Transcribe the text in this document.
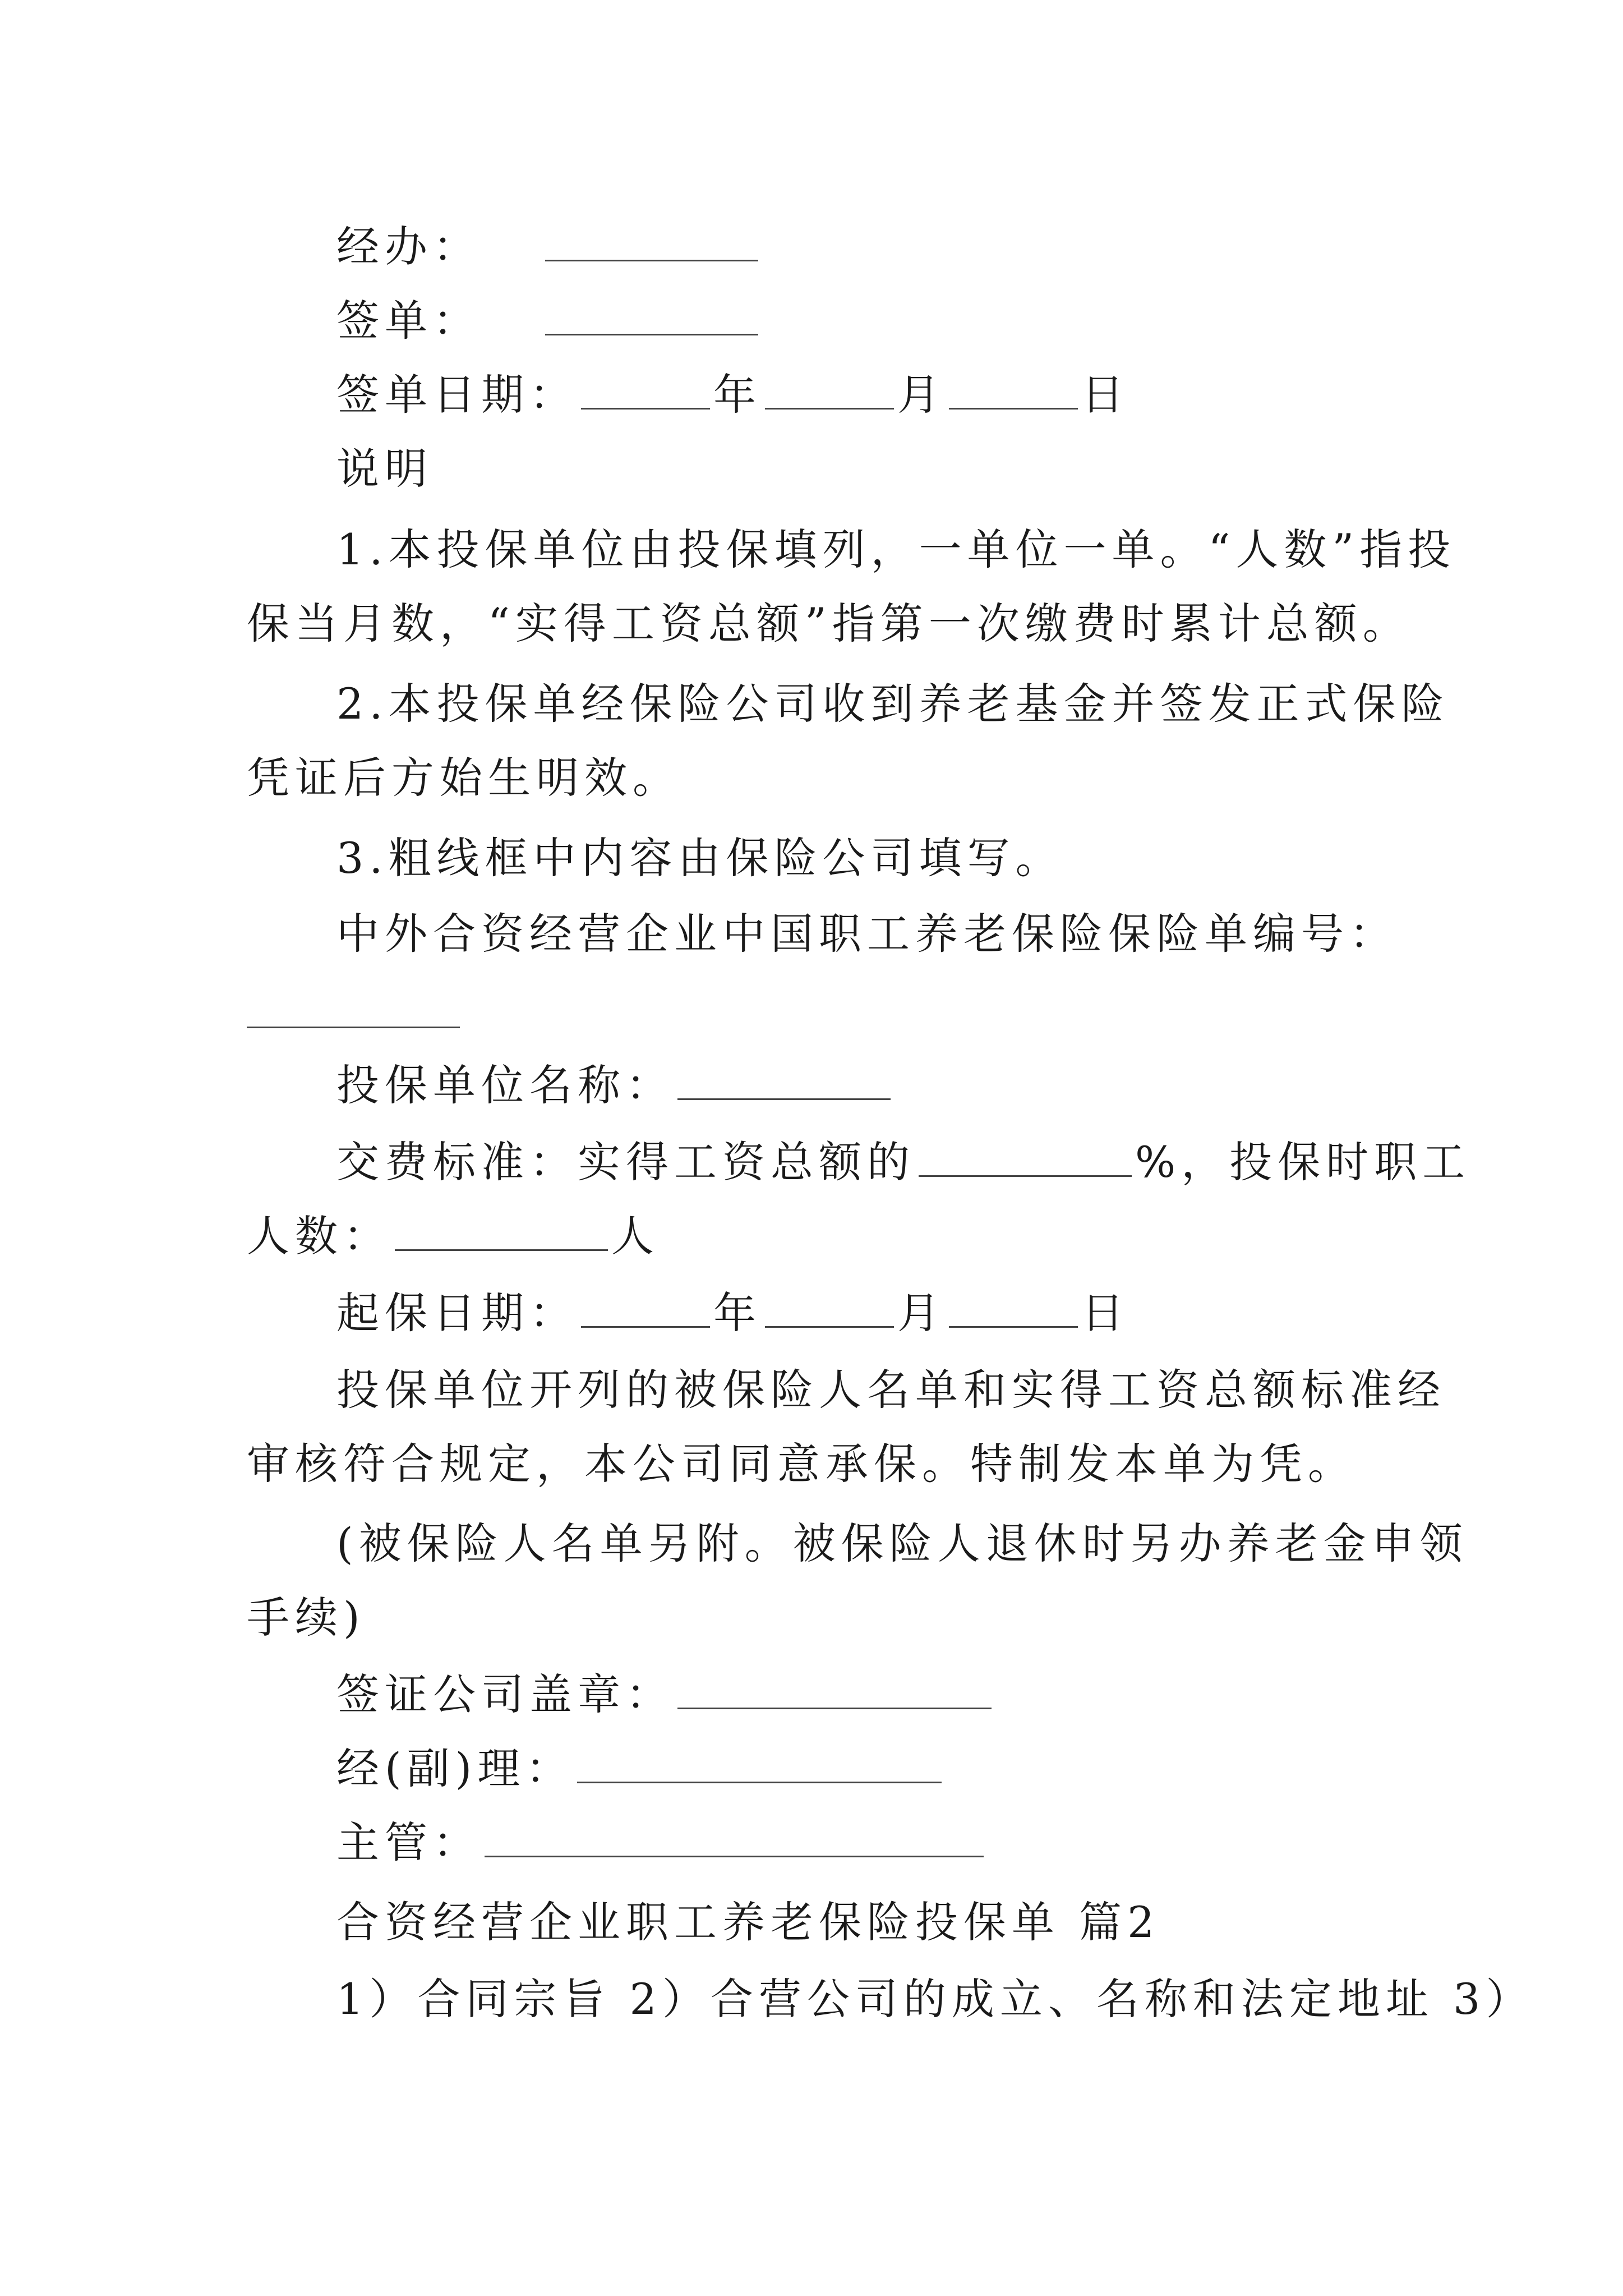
经办：
签单：
签单日期：	年	月	日
说明
1.本投保单位由投保填列，一单位一单。“人数”指投
保当月数，“实得工资总额”指第一次缴费时累计总额。
2.本投保单经保险公司收到养老基金并签发正式保险
凭证后方始生明效。
3.粗线框中内容由保险公司填写。
中外合资经营企业中国职工养老保险保险单编号：
投保单位名称：
交费标准：实得工资总额的	%，投保时职工
人数：	人
起保日期：	年	月	日
投保单位开列的被保险人名单和实得工资总额标准经
审核符合规定，本公司同意承保。特制发本单为凭。
(被保险人名单另附。被保险人退休时另办养老金申领
手续)
签证公司盖章：
经(副)理：
主管：
合资经营企业职工养老保险投保单 篇2
1）合同宗旨 2）合营公司的成立、名称和法定地址 3）
